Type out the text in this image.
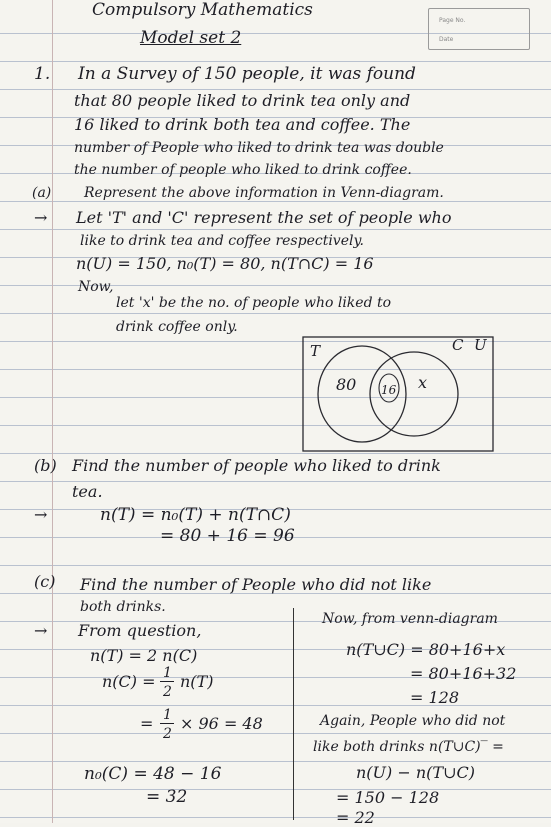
Compulsory Mathematics
Model set 2
Page No.
Date
1. In a Survey of 150 people, it was found
that 80 people liked to drink tea only and
16 liked to drink both tea and coffee. The
number of People who liked to drink tea was double
the number of people who liked to drink coffee.
(a) Represent the above information in Venn-diagram.
→ Let 'T' and 'C' represent the set of people who
like to drink tea and coffee respectively.
n(U) = 150, n₀(T) = 80, n(T∩C) = 16
Now,
let 'x' be the no. of people who liked to
drink coffee only.
T	C U
80 16 x
(b) Find the number of people who liked to drink
tea.
→	n(T) = n₀(T) + n(T∩C)
= 80 + 16 = 96
(c) Find the number of People who did not like
both drinks.
→ From question,
n(T) = 2 n(C)
n(C) = 1
2
n(T)
= 1
2
× 96 = 48
n₀(C) = 48 − 16
= 32
Now, from venn-diagram
n(T∪C) = 80+16+x
= 80+16+32
= 128
Again, People who did not
like both drinks n(T∪C)‾ =
n(U) − n(T∪C)
= 150 − 128
= 22
